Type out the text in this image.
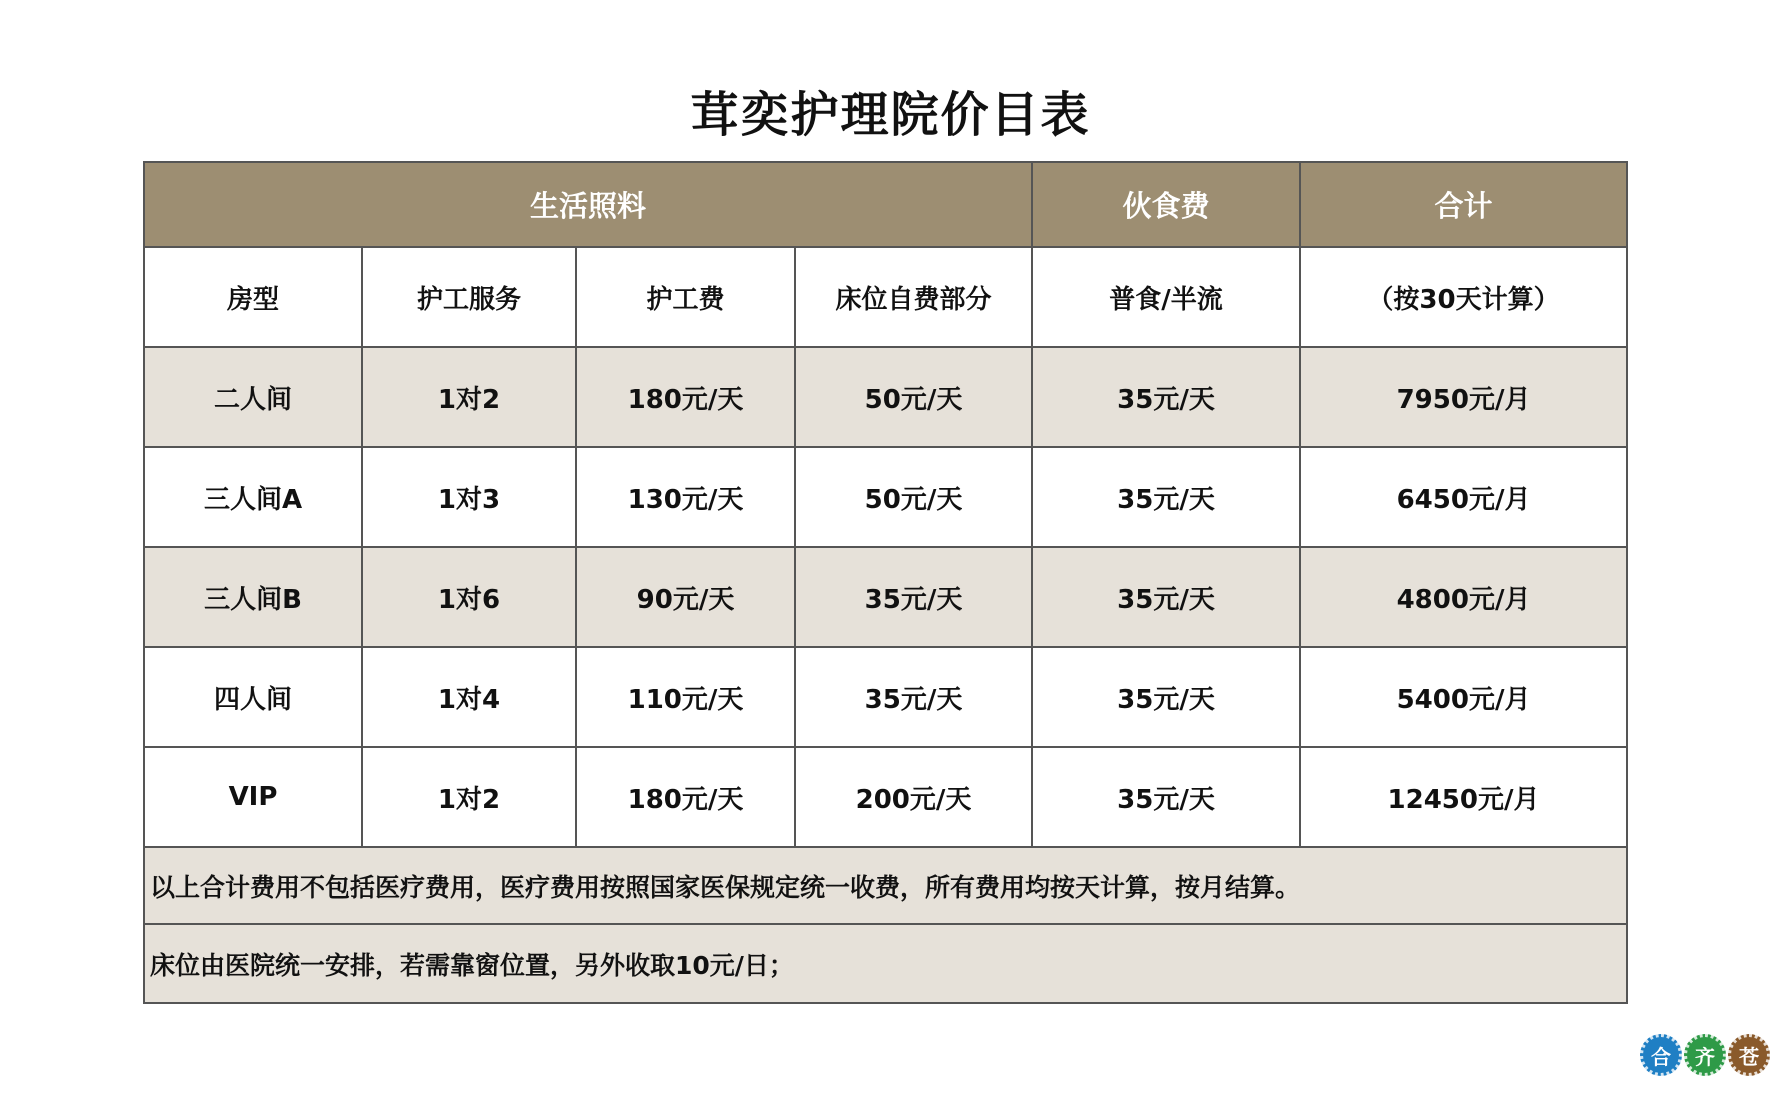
茸奕护理院价目表
生活照料				伙食费	合计
房型	护工服务	护工费	床位自费部分	普食/半流	（按30天计算）
二人间	1对2	180元/天	50元/天	35元/天	7950元/月
三人间A	1对3	130元/天	50元/天	35元/天	6450元/月
三人间B	1对6	90元/天	35元/天	35元/天	4800元/月
四人间	1对4	110元/天	35元/天	35元/天	5400元/月
VIP	1对2	180元/天	200元/天	35元/天	12450元/月
以上合计费用不包括医疗费用，医疗费用按照国家医保规定统一收费，所有费用均按天计算，按月结算。					
床位由医院统一安排，若需靠窗位置，另外收取10元/日；					
合	齐	苍
